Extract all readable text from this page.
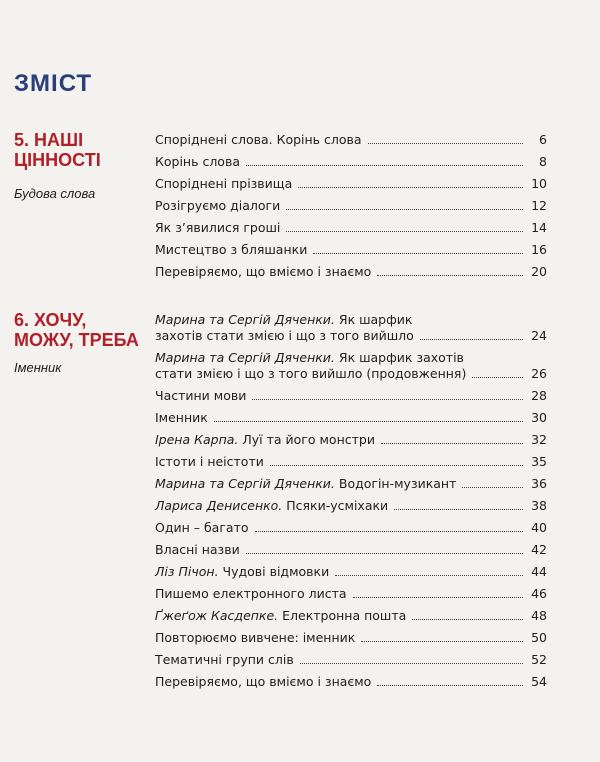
ЗМІСТ
5. НАШІ
ЦІННОСТІ
Будова слова
Споріднені слова. Корінь слова	6
Корінь слова	8
Споріднені прізвища	10
Розігруємо діалоги	12
Як з’явилися гроші	14
Мистецтво з бляшанки	16
Перевіряємо, що вміємо і знаємо	20
6. ХОЧУ,
МОЖУ, ТРЕБА
Іменник
Марина та Сергій Дяченки. Як шарфик
захотів стати змією і що з того вийшло	24
Марина та Сергій Дяченки. Як шарфик захотів
стати змією і що з того вийшло (продовження)	26
Частини мови	28
Іменник	30
Ірена Карпа. Луї та його монстри	32
Істоти і неістоти	35
Марина та Сергій Дяченки. Водогін-музикант	36
Лариса Денисенко. Псяки-усміхаки	38
Один – багато	40
Власні назви	42
Ліз Пічон. Чудові відмовки	44
Пишемо електронного листа	46
Ґжеґож Касдепке. Електронна пошта	48
Повторюємо вивчене: іменник	50
Тематичні групи слів	52
Перевіряємо, що вміємо і знаємо	54
